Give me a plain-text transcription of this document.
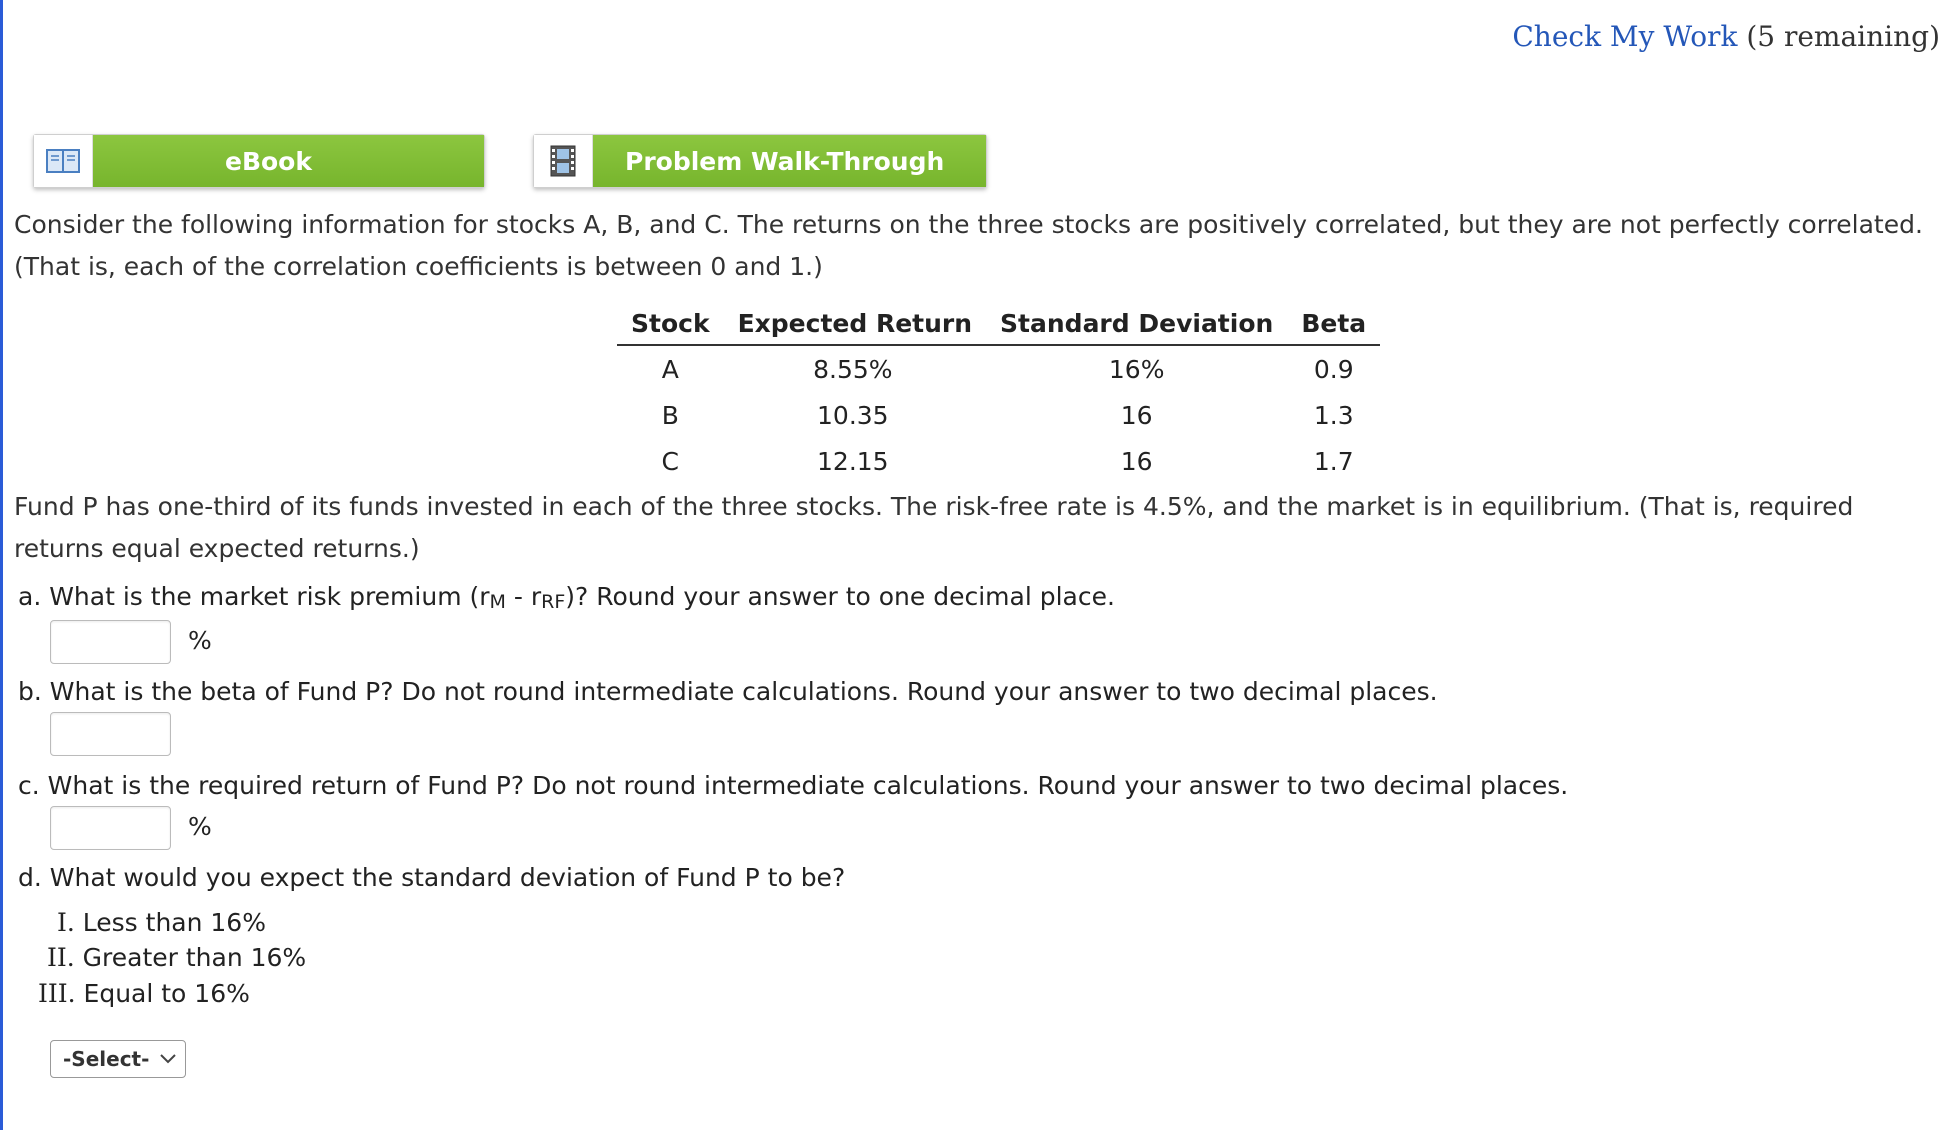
Check My Work (5 remaining)
eBook	Problem Walk-Through
Consider the following information for stocks A, B, and C. The returns on the three stocks are positively correlated, but they are not perfectly correlated. (That is, each of the correlation coefficients is between 0 and 1.)
Stock	Expected Return	Standard Deviation	Beta
A	8.55%	16%	0.9
B	10.35	16	1.3
C	12.15	16	1.7
Fund P has one-third of its funds invested in each of the three stocks. The risk-free rate is 4.5%, and the market is in equilibrium. (That is, required returns equal expected returns.)
a. What is the market risk premium $(r_M - r_{RF})$? Round your answer to one decimal place.
%
b. What is the beta of Fund P? Do not round intermediate calculations. Round your answer to two decimal places.
c. What is the required return of Fund P? Do not round intermediate calculations. Round your answer to two decimal places.
%
d. What would you expect the standard deviation of Fund P to be?
I. Less than 16%
II. Greater than 16%
III. Equal to 16%
-Select-
